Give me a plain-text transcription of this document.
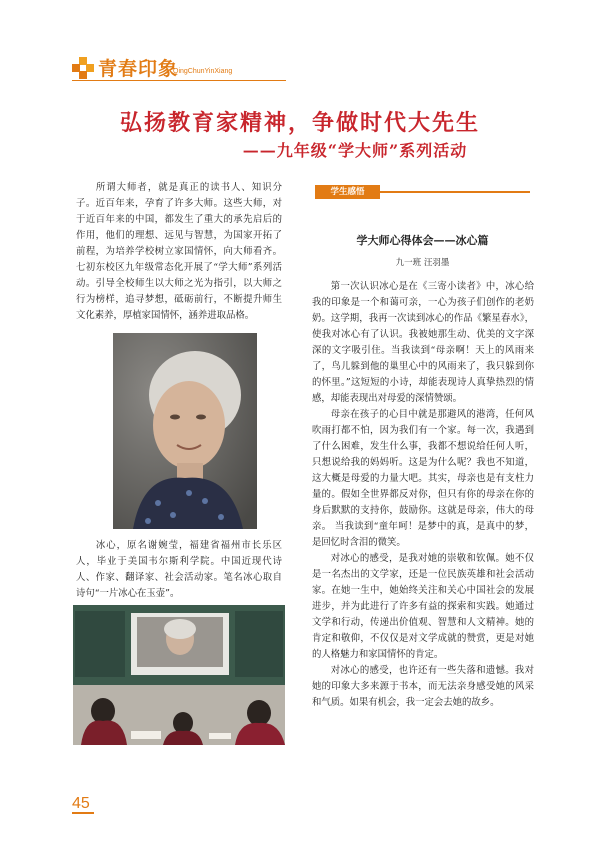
青春印象
QingChunYinXiang
弘扬教育家精神，争做时代大先生
——九年级“学大师”系列活动
所谓大师者，就是真正的读书人、知识分子。近百年来，孕育了许多大师。这些大师，对于近百年来的中国，都发生了重大的承先启后的作用，他们的理想、远见与智慧，为国家开拓了前程，为培养学校树立家国情怀，向大师看齐。七初东校区九年级常态化开展了“学大师”系列活动。引导全校师生以大师之光为指引，以大师之行为榜样，追寻梦想，砥砺前行，不断提升师生文化素养，厚植家国情怀，涵养进取品格。
冰心，原名谢婉莹，福建省福州市长乐区人，毕业于美国韦尔斯利学院。中国近现代诗人、作家、翻译家、社会活动家。笔名冰心取自诗句“一片冰心在玉壶”。
学生感悟
学大师心得体会——冰心篇
九一班 汪羽墨

第一次认识冰心是在《三寄小读者》中，冰心给我的印象是一个和蔼可亲，一心为孩子们创作的老奶奶。这学期，我再一次读到冰心的作品《繁星春水》，使我对冰心有了认识。我被她那生动、优美的文字深深的文字吸引住。当我读到“母亲啊！天上的风雨来了，鸟儿躲到他的巢里心中的风雨来了，我只躲到你的怀里。”这短短的小诗，却能表现诗人真挚热烈的情感，却能表现出对母爱的深情赞颂。

母亲在孩子的心目中就是那避风的港湾，任何风吹雨打都不怕，因为我们有一个家。每一次，我遇到了什么困难，发生什么事，我都不想说给任何人听，只想说给我的妈妈听。这是为什么呢？我也不知道，这大概是母爱的力量大吧。其实，母亲也是有支柱力量的。假如全世界都反对你，但只有你的母亲在你的身后默默的支持你，鼓励你。这就是母亲，伟大的母亲。 当我读到“童年呵！是梦中的真，是真中的梦，是回忆时含泪的微笑。

对冰心的感受，是我对她的崇敬和钦佩。她不仅是一名杰出的文学家，还是一位民族英雄和社会活动家。在她一生中，她始终关注和关心中国社会的发展进步，并为此进行了许多有益的探索和实践。她通过文学和行动，传递出价值观、智慧和人文精神。她的肯定和敬仰，不仅仅是对文学成就的赞赏，更是对她的人格魅力和家国情怀的肯定。

对冰心的感受，也许还有一些失落和遗憾。我对她的印象大多来源于书本，而无法亲身感受她的风采和气质。如果有机会，我一定会去她的故乡。

45
